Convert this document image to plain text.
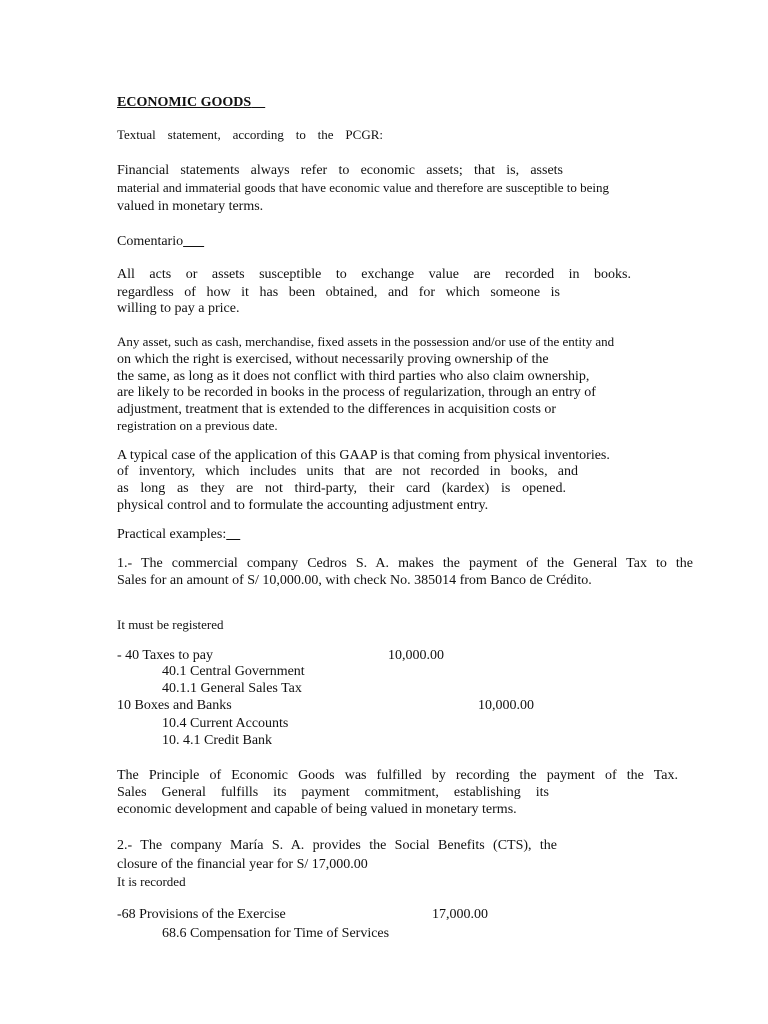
ECONOMIC GOODS
Textual statement, according to the PCGR:
Financial statements always refer to economic assets; that is, assets
material and immaterial goods that have economic value and therefore are susceptible to being
valued in monetary terms.
Comentario
All acts or assets susceptible to exchange value are recorded in books.
regardless of how it has been obtained, and for which someone is
willing to pay a price.
Any asset, such as cash, merchandise, fixed assets in the possession and/or use of the entity and
on which the right is exercised, without necessarily proving ownership of the
the same, as long as it does not conflict with third parties who also claim ownership,
are likely to be recorded in books in the process of regularization, through an entry of
adjustment, treatment that is extended to the differences in acquisition costs or
registration on a previous date.
A typical case of the application of this GAAP is that coming from physical inventories.
of inventory, which includes units that are not recorded in books, and
as long as they are not third-party, their card (kardex) is opened.
physical control and to formulate the accounting adjustment entry.
Practical examples:
1.- The commercial company Cedros S. A. makes the payment of the General Tax to the
Sales for an amount of S/ 10,000.00, with check No. 385014 from Banco de Crédito.
It must be registered
- 40 Taxes to pay	10,000.00
40.1 Central Government
40.1.1 General Sales Tax
10 Boxes and Banks	10,000.00
10.4 Current Accounts
10. 4.1 Credit Bank
The Principle of Economic Goods was fulfilled by recording the payment of the Tax.
Sales General fulfills its payment commitment, establishing its
economic development and capable of being valued in monetary terms.
2.- The company María S. A. provides the Social Benefits (CTS), the
closure of the financial year for S/ 17,000.00
It is recorded
-68 Provisions of the Exercise	17,000.00
68.6 Compensation for Time of Services
